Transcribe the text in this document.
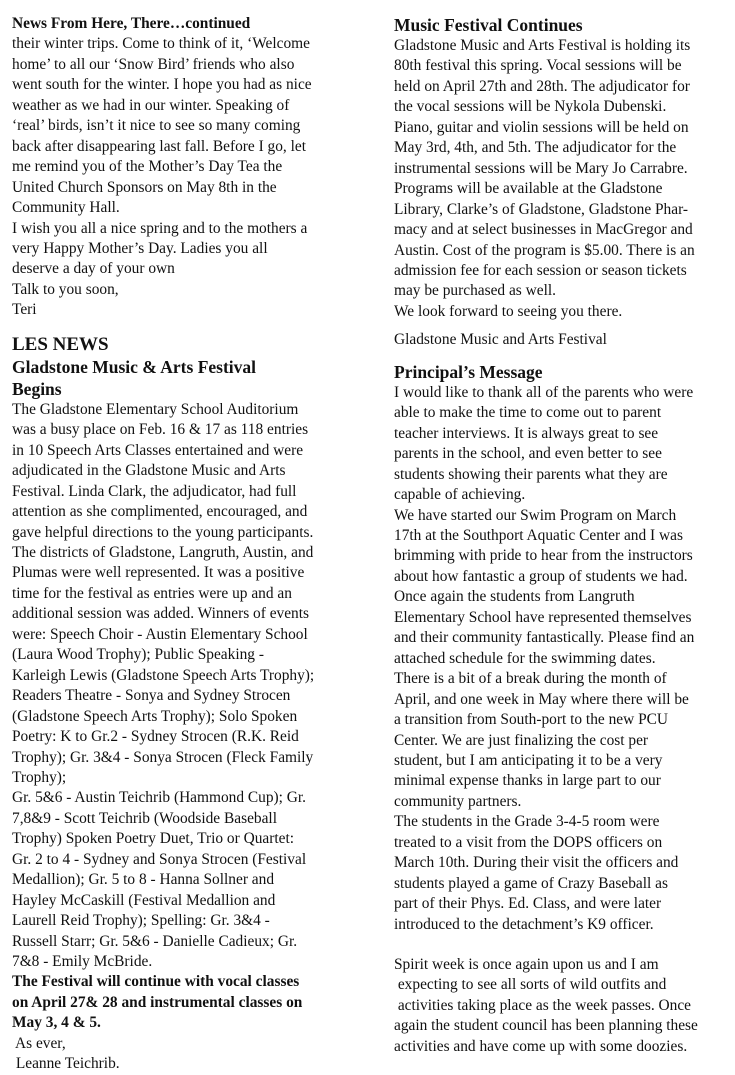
News From Here, There…continued
their winter trips. Come to think of it, ‘Welcome
home’ to all our ‘Snow Bird’ friends who also
went south for the winter. I hope you had as nice
weather as we had in our winter. Speaking of
‘real’ birds, isn’t it nice to see so many coming
back after disappearing last fall. Before I go, let
me remind you of the Mother’s Day Tea the
United Church Sponsors on May 8th in the
Community Hall.
I wish you all a nice spring and to the mothers a
very Happy Mother’s Day. Ladies you all
deserve a day of your own
Talk to you soon,
Teri
LES NEWS
Gladstone Music & Arts Festival
Begins
The Gladstone Elementary School Auditorium
was a busy place on Feb. 16 & 17 as 118 entries
in 10 Speech Arts Classes entertained and were
adjudicated in the Gladstone Music and Arts
Festival. Linda Clark, the adjudicator, had full
attention as she complimented, encouraged, and
gave helpful directions to the young participants.
The districts of Gladstone, Langruth, Austin, and
Plumas were well represented. It was a positive
time for the festival as entries were up and an
additional session was added. Winners of events
were: Speech Choir - Austin Elementary School
(Laura Wood Trophy); Public Speaking -
Karleigh Lewis (Gladstone Speech Arts Trophy);
Readers Theatre - Sonya and Sydney Strocen
(Gladstone Speech Arts Trophy); Solo Spoken
Poetry: K to Gr.2 - Sydney Strocen (R.K. Reid
Trophy); Gr. 3&4 - Sonya Strocen (Fleck Family
Trophy);
Gr. 5&6 - Austin Teichrib (Hammond Cup); Gr.
7,8&9 - Scott Teichrib (Woodside Baseball
Trophy) Spoken Poetry Duet, Trio or Quartet:
Gr. 2 to 4 - Sydney and Sonya Strocen (Festival
Medallion); Gr. 5 to 8 - Hanna Sollner and
Hayley McCaskill (Festival Medallion and
Laurell Reid Trophy); Spelling: Gr. 3&4 -
Russell Starr; Gr. 5&6 - Danielle Cadieux; Gr.
7&8 - Emily McBride.
The Festival will continue with vocal classes
on April 27& 28 and instrumental classes on
May 3, 4 & 5.
As ever,
Leanne Teichrib.
Music Festival Continues
Gladstone Music and Arts Festival is holding its
80th festival this spring. Vocal sessions will be
held on April 27th and 28th. The adjudicator for
the vocal sessions will be Nykola Dubenski.
Piano, guitar and violin sessions will be held on
May 3rd, 4th, and 5th. The adjudicator for the
instrumental sessions will be Mary Jo Carrabre.
Programs will be available at the Gladstone
Library, Clarke’s of Gladstone, Gladstone Phar-
macy and at select businesses in MacGregor and
Austin. Cost of the program is $5.00. There is an
admission fee for each session or season tickets
may be purchased as well.
We look forward to seeing you there.
Gladstone Music and Arts Festival
Principal’s Message
I would like to thank all of the parents who were
able to make the time to come out to parent
teacher interviews. It is always great to see
parents in the school, and even better to see
students showing their parents what they are
capable of achieving.
We have started our Swim Program on March
17th at the Southport Aquatic Center and I was
brimming with pride to hear from the instructors
about how fantastic a group of students we had.
Once again the students from Langruth
Elementary School have represented themselves
and their community fantastically. Please find an
attached schedule for the swimming dates.
There is a bit of a break during the month of
April, and one week in May where there will be
a transition from South-port to the new PCU
Center. We are just finalizing the cost per
student, but I am anticipating it to be a very
minimal expense thanks in large part to our
community partners.
The students in the Grade 3-4-5 room were
treated to a visit from the DOPS officers on
March 10th. During their visit the officers and
students played a game of Crazy Baseball as
part of their Phys. Ed. Class, and were later
introduced to the detachment’s K9 officer.
Spirit week is once again upon us and I am
expecting to see all sorts of wild outfits and
activities taking place as the week passes. Once
again the student council has been planning these
activities and have come up with some doozies.
